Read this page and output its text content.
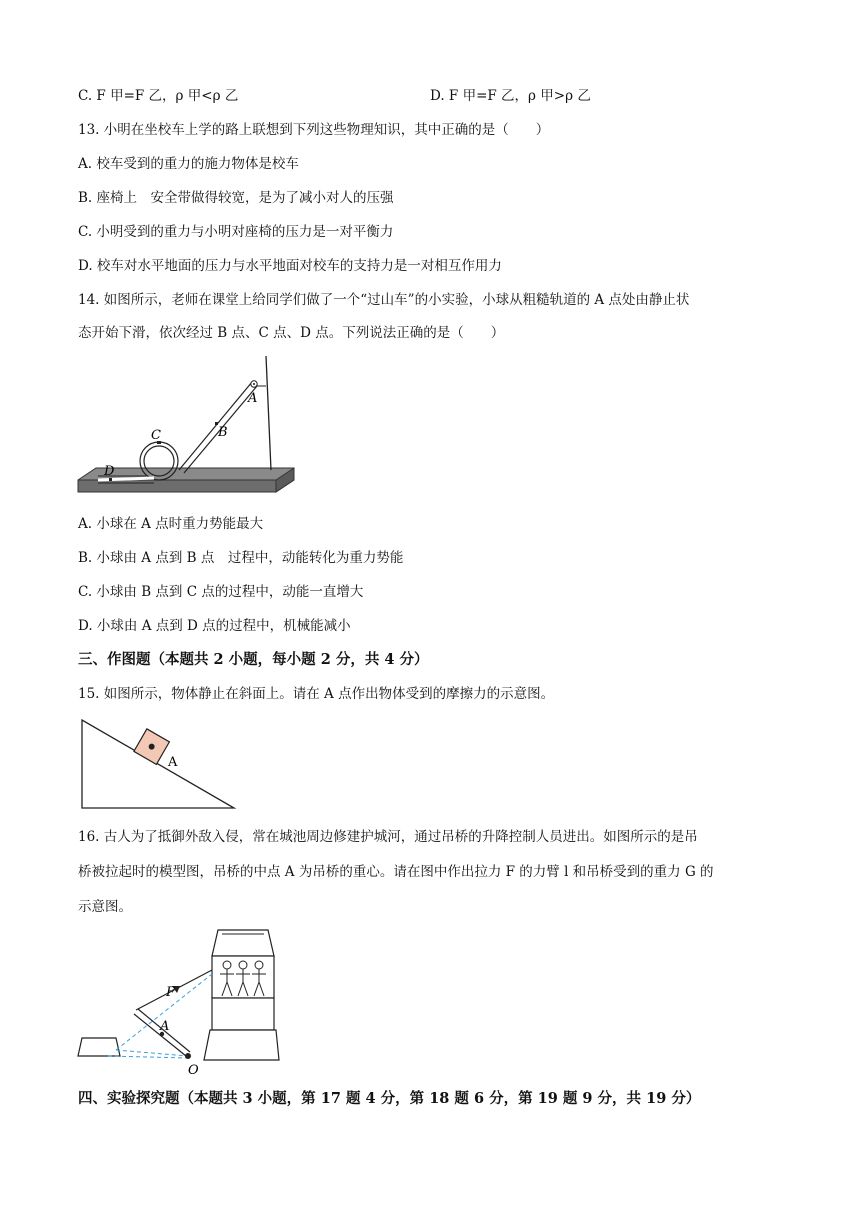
C. F 甲=F 乙，ρ 甲<ρ 乙	D. F 甲=F 乙，ρ 甲>ρ 乙
13. 小明在坐校车上学的路上联想到下列这些物理知识，其中正确的是（　　）
A. 校车受到的重力的施力物体是校车
B. 座椅上　安全带做得较宽，是为了减小对人的压强
C. 小明受到的重力与小明对座椅的压力是一对平衡力
D. 校车对水平地面的压力与水平地面对校车的支持力是一对相互作用力
14. 如图所示，老师在课堂上给同学们做了一个“过山车”的小实验，小球从粗糙轨道的 A 点处由静止状
态开始下滑，依次经过 B 点、C 点、D 点。下列说法正确的是（　　）
A
B
C
D
A. 小球在 A 点时重力势能最大
B. 小球由 A 点到 B 点　过程中，动能转化为重力势能
C. 小球由 B 点到 C 点的过程中，动能一直增大
D. 小球由 A 点到 D 点的过程中，机械能减小
三、作图题（本题共 2 小题，每小题 2 分，共 4 分）
15. 如图所示，物体静止在斜面上。请在 A 点作出物体受到的摩擦力的示意图。
A
16. 古人为了抵御外敌入侵，常在城池周边修建护城河，通过吊桥的升降控制人员进出。如图所示的是吊
桥被拉起时的模型图，吊桥的中点 A 为吊桥的重心。请在图中作出拉力 F 的力臂 l 和吊桥受到的重力 G 的
示意图。
F
A
O
四、实验探究题（本题共 3 小题，第 17 题 4 分，第 18 题 6 分，第 19 题 9 分，共 19 分）
